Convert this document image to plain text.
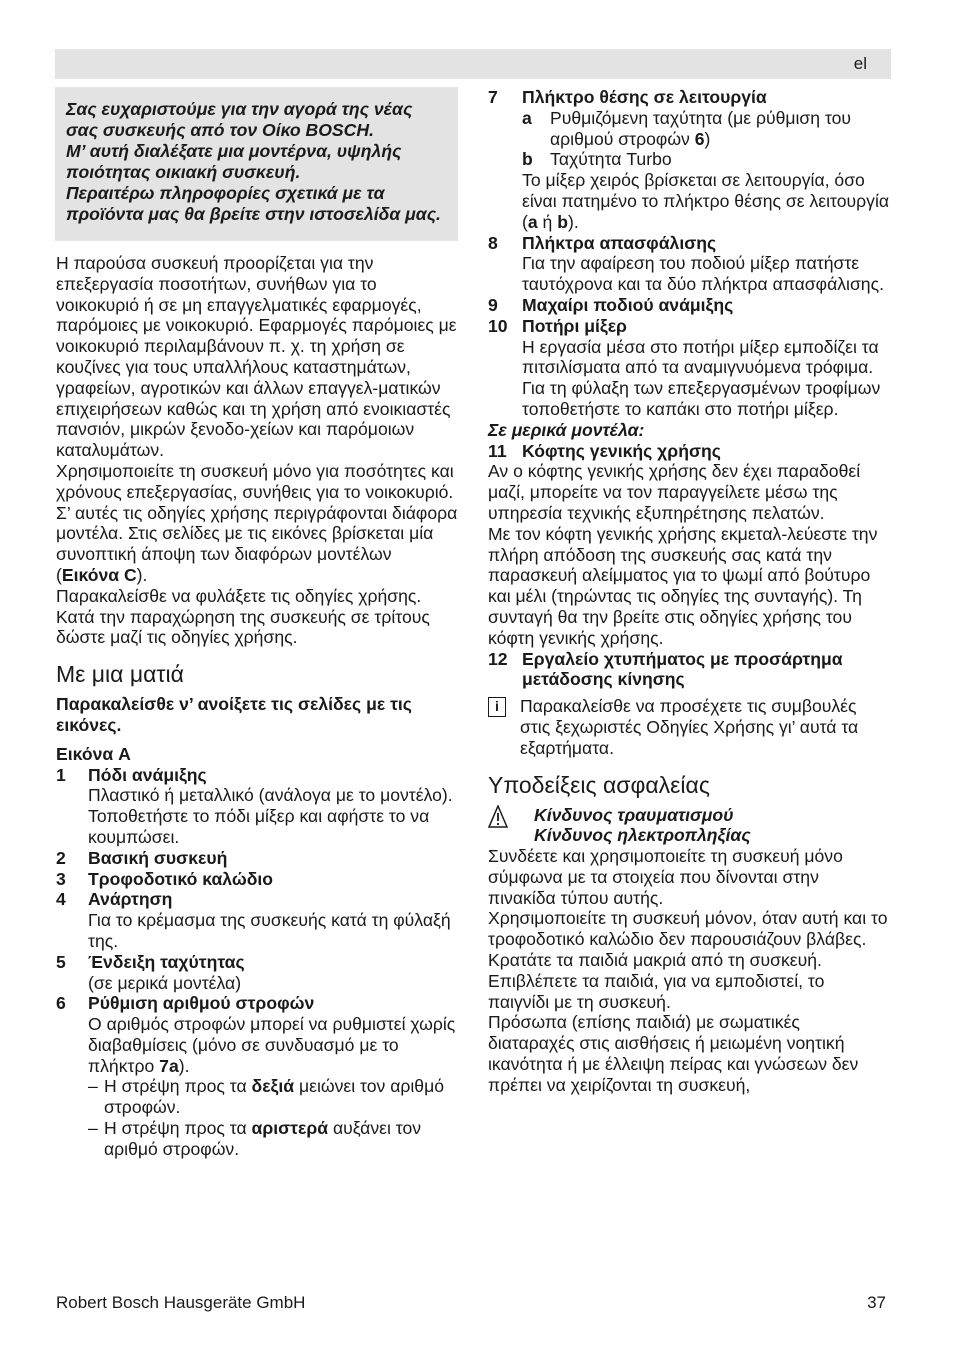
el

Σας ευχαριστούμε για την αγορά της νέας σας συσκευής από τον Οίκο BOSCH.

Μ’ αυτή διαλέξατε μια μοντέρνα, υψηλής ποιότητας οικιακή συσκευή.

Περαιτέρω πληροφορίες σχετικά με τα προϊόντα μας θα βρείτε στην ιστοσελίδα μας.

Η παρούσα συσκευή προορίζεται για την επεξεργασία ποσοτήτων, συνήθων για το νοικοκυριό ή σε μη επαγγελματικές εφαρμογές, παρόμοιες με νοικοκυριό. Εφαρμογές παρόμοιες με νοικοκυριό περιλαμβάνουν π. χ. τη χρήση σε κουζίνες για τους υπαλλήλους καταστημάτων, γραφείων, αγροτικών και άλλων επαγγελ-ματικών επιχειρήσεων καθώς και τη χρήση από ενοικιαστές πανσιόν, μικρών ξενοδο-χείων και παρόμοιων καταλυμάτων.

Χρησιμοποιείτε τη συσκευή μόνο για ποσότητες και χρόνους επεξεργασίας, συνήθεις για το νοικοκυριό.

Σ’ αυτές τις οδηγίες χρήσης περιγράφονται διάφορα μοντέλα. Στις σελίδες με τις εικόνες βρίσκεται μία συνοπτική άποψη των διαφόρων μοντέλων (Εικόνα C).

Παρακαλείσθε να φυλάξετε τις οδηγίες χρήσης. Κατά την παραχώρηση της συσκευής σε τρίτους δώστε μαζί τις οδηγίες χρήσης.

Με μια ματιά

Παρακαλείσθε ν’ ανοίξετε τις σελίδες με τις εικόνες.

Εικόνα A

1	Πόδι ανάμιξης

Πλαστικό ή μεταλλικό (ανάλογα με το μοντέλο). Τοποθετήστε το πόδι μίξερ και αφήστε το να κουμπώσει.

2	Βασική συσκευή
3	Τροφοδοτικό καλώδιο
4	Ανάρτηση

Για το κρέμασμα της συσκευής κατά τη φύλαξή της.

5	Ένδειξη ταχύτητας

(σε μερικά μοντέλα)

6	Ρύθμιση αριθμού στροφών

Ο αριθμός στροφών μπορεί να ρυθμιστεί χωρίς διαβαθμίσεις (μόνο σε συνδυασμό με το πλήκτρο 7a).

– Η στρέψη προς τα δεξιά μειώνει τον αριθμό στροφών.
– Η στρέψη προς τα αριστερά αυξάνει τον αριθμό στροφών.
7	Πλήκτρο θέσης σε λειτουργία
a	Ρυθμιζόμενη ταχύτητα (με ρύθμιση του αριθμού στροφών 6)
b Ταχύτητα Turbo

Το μίξερ χειρός βρίσκεται σε λειτουργία, όσο είναι πατημένο το πλήκτρο θέσης σε λειτουργία (a ή b).

8	Πλήκτρα απασφάλισης

Για την αφαίρεση του ποδιού μίξερ πατήστε ταυτόχρονα και τα δύο πλήκτρα απασφάλισης.

9	Μαχαίρι ποδιού ανάμιξης
10 Ποτήρι μίξερ

Η εργασία μέσα στο ποτήρι μίξερ εμποδίζει τα πιτσιλίσματα από τα αναμιγνυόμενα τρόφιμα.

Για τη φύλαξη των επεξεργασμένων τροφίμων τοποθετήστε το καπάκι στο ποτήρι μίξερ.

Σε μερικά μοντέλα:

11 Κόφτης γενικής χρήσης

Αν ο κόφτης γενικής χρήσης δεν έχει παραδοθεί μαζί, μπορείτε να τον παραγγείλετε μέσω της υπηρεσία τεχνικής εξυπηρέτησης πελατών.

Με τον κόφτη γενικής χρήσης εκμεταλ-λεύεστε την πλήρη απόδοση της συσκευής σας κατά την παρασκευή αλείμματος για το ψωμί από βούτυρο και μέλι (τηρώντας τις οδηγίες της συνταγής). Τη συνταγή θα την βρείτε στις οδηγίες χρήσης του κόφτη γενικής χρήσης.

12 Εργαλείο χτυπήματος με προσάρτημα μετάδοσης κίνησης
i	Παρακαλείσθε να προσέχετε τις συμβουλές στις ξεχωριστές Οδηγίες Χρήσης γι’ αυτά τα εξαρτήματα.
Υποδείξεις ασφαλείας
Κίνδυνος τραυματισμού
Κίνδυνος ηλεκτροπληξίας

Συνδέετε και χρησιμοποιείτε τη συσκευή μόνο σύμφωνα με τα στοιχεία που δίνονται στην πινακίδα τύπου αυτής.

Χρησιμοποιείτε τη συσκευή μόνον, όταν αυτή και το τροφοδοτικό καλώδιο δεν παρουσιάζουν βλάβες.

Κρατάτε τα παιδιά μακριά από τη συσκευή. Επιβλέπετε τα παιδιά, για να εμποδιστεί, το παιγνίδι με τη συσκευή.

Πρόσωπα (επίσης παιδιά) με σωματικές διαταραχές στις αισθήσεις ή μειωμένη νοητική ικανότητα ή με έλλειψη πείρας και γνώσεων δεν πρέπει να χειρίζονται τη συσκευή,

Robert Bosch Hausgeräte GmbH	37
